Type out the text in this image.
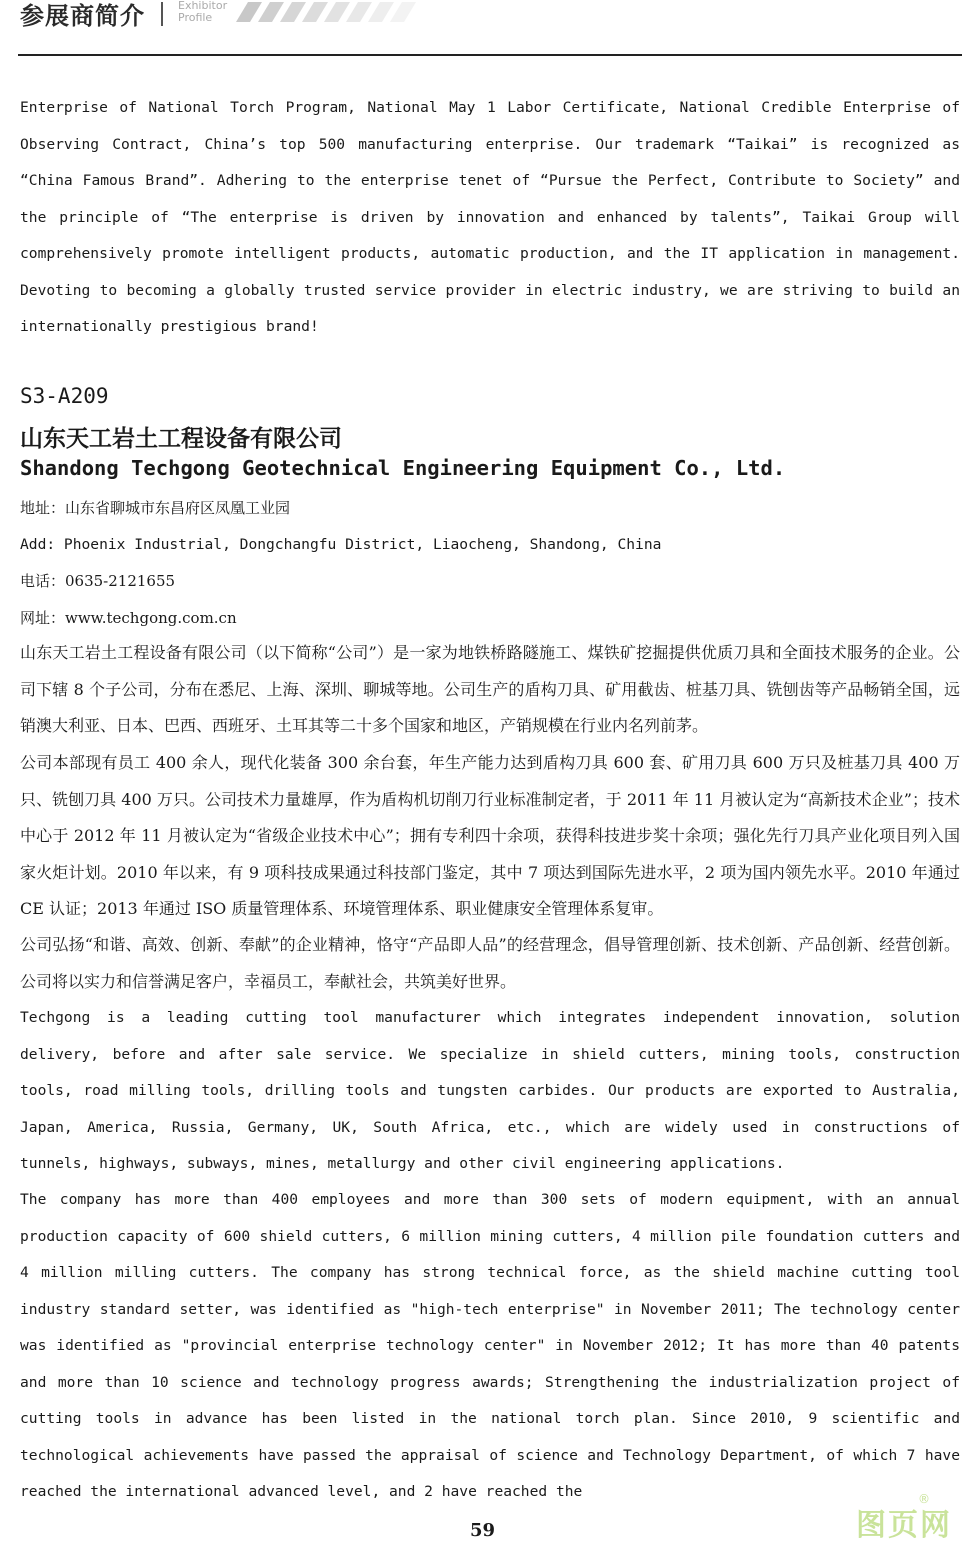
参展商简介	Exhibitor
Profile

Enterprise of National Torch Program, National May 1 Labor Certificate, National Credible Enterprise of Observing Contract, China’s top 500 manufacturing enterprise. Our trademark “Taikai” is recognized as “China Famous Brand”. Adhering to the enterprise tenet of “Pursue the Perfect, Contribute to Society” and the principle of “The enterprise is driven by innovation and enhanced by talents”, Taikai Group will comprehensively promote intelligent products, automatic production, and the IT application in management. Devoting to becoming a globally trusted service provider in electric industry, we are striving to build an internationally prestigious brand!

S3-A209
山东天工岩土工程设备有限公司
Shandong Techgong Geotechnical Engineering Equipment Co., Ltd.
地址：山东省聊城市东昌府区凤凰工业园
Add: Phoenix Industrial, Dongchangfu District, Liaocheng, Shandong, China
电话：0635-2121655
网址：www.techgong.com.cn

山东天工岩土工程设备有限公司（以下简称“公司”）是一家为地铁桥路隧施工、煤铁矿挖掘提供优质刀具和全面技术服务的企业。公司下辖 8 个子公司，分布在悉尼、上海、深圳、聊城等地。公司生产的盾构刀具、矿用截齿、桩基刀具、铣刨齿等产品畅销全国，远销澳大利亚、日本、巴西、西班牙、土耳其等二十多个国家和地区，产销规模在行业内名列前茅。

公司本部现有员工 400 余人，现代化装备 300 余台套，年生产能力达到盾构刀具 600 套、矿用刀具 600 万只及桩基刀具 400 万只、铣刨刀具 400 万只。公司技术力量雄厚，作为盾构机切削刀行业标准制定者，于 2011 年 11 月被认定为“高新技术企业”；技术中心于 2012 年 11 月被认定为“省级企业技术中心”；拥有专利四十余项，获得科技进步奖十余项；强化先行刀具产业化项目列入国家火炬计划。2010 年以来，有 9 项科技成果通过科技部门鉴定，其中 7 项达到国际先进水平，2 项为国内领先水平。2010 年通过 CE 认证；2013 年通过 ISO 质量管理体系、环境管理体系、职业健康安全管理体系复审。

公司弘扬“和谐、高效、创新、奉献”的企业精神，恪守“产品即人品”的经营理念，倡导管理创新、技术创新、产品创新、经营创新。公司将以实力和信誉满足客户，幸福员工，奉献社会，共筑美好世界。

Techgong is a leading cutting tool manufacturer which integrates independent innovation, solution delivery, before and after sale service. We specialize in shield cutters, mining tools, construction tools, road milling tools, drilling tools and tungsten carbides. Our products are exported to Australia, Japan, America, Russia, Germany, UK, South Africa, etc., which are widely used in constructions of tunnels, highways, subways, mines, metallurgy and other civil engineering applications.

The company has more than 400 employees and more than 300 sets of modern equipment, with an annual production capacity of 600 shield cutters, 6 million mining cutters, 4 million pile foundation cutters and 4 million milling cutters. The company has strong technical force, as the shield machine cutting tool industry standard setter, was identified as "high-tech enterprise" in November 2011; The technology center was identified as "provincial enterprise technology center" in November 2012; It has more than 40 patents and more than 10 science and technology progress awards; Strengthening the industrialization project of cutting tools in advance has been listed in the national torch plan. Since 2010, 9 scientific and technological achievements have passed the appraisal of science and Technology Department, of which 7 have reached the international advanced level, and 2 have reached the

59	图页网
®
